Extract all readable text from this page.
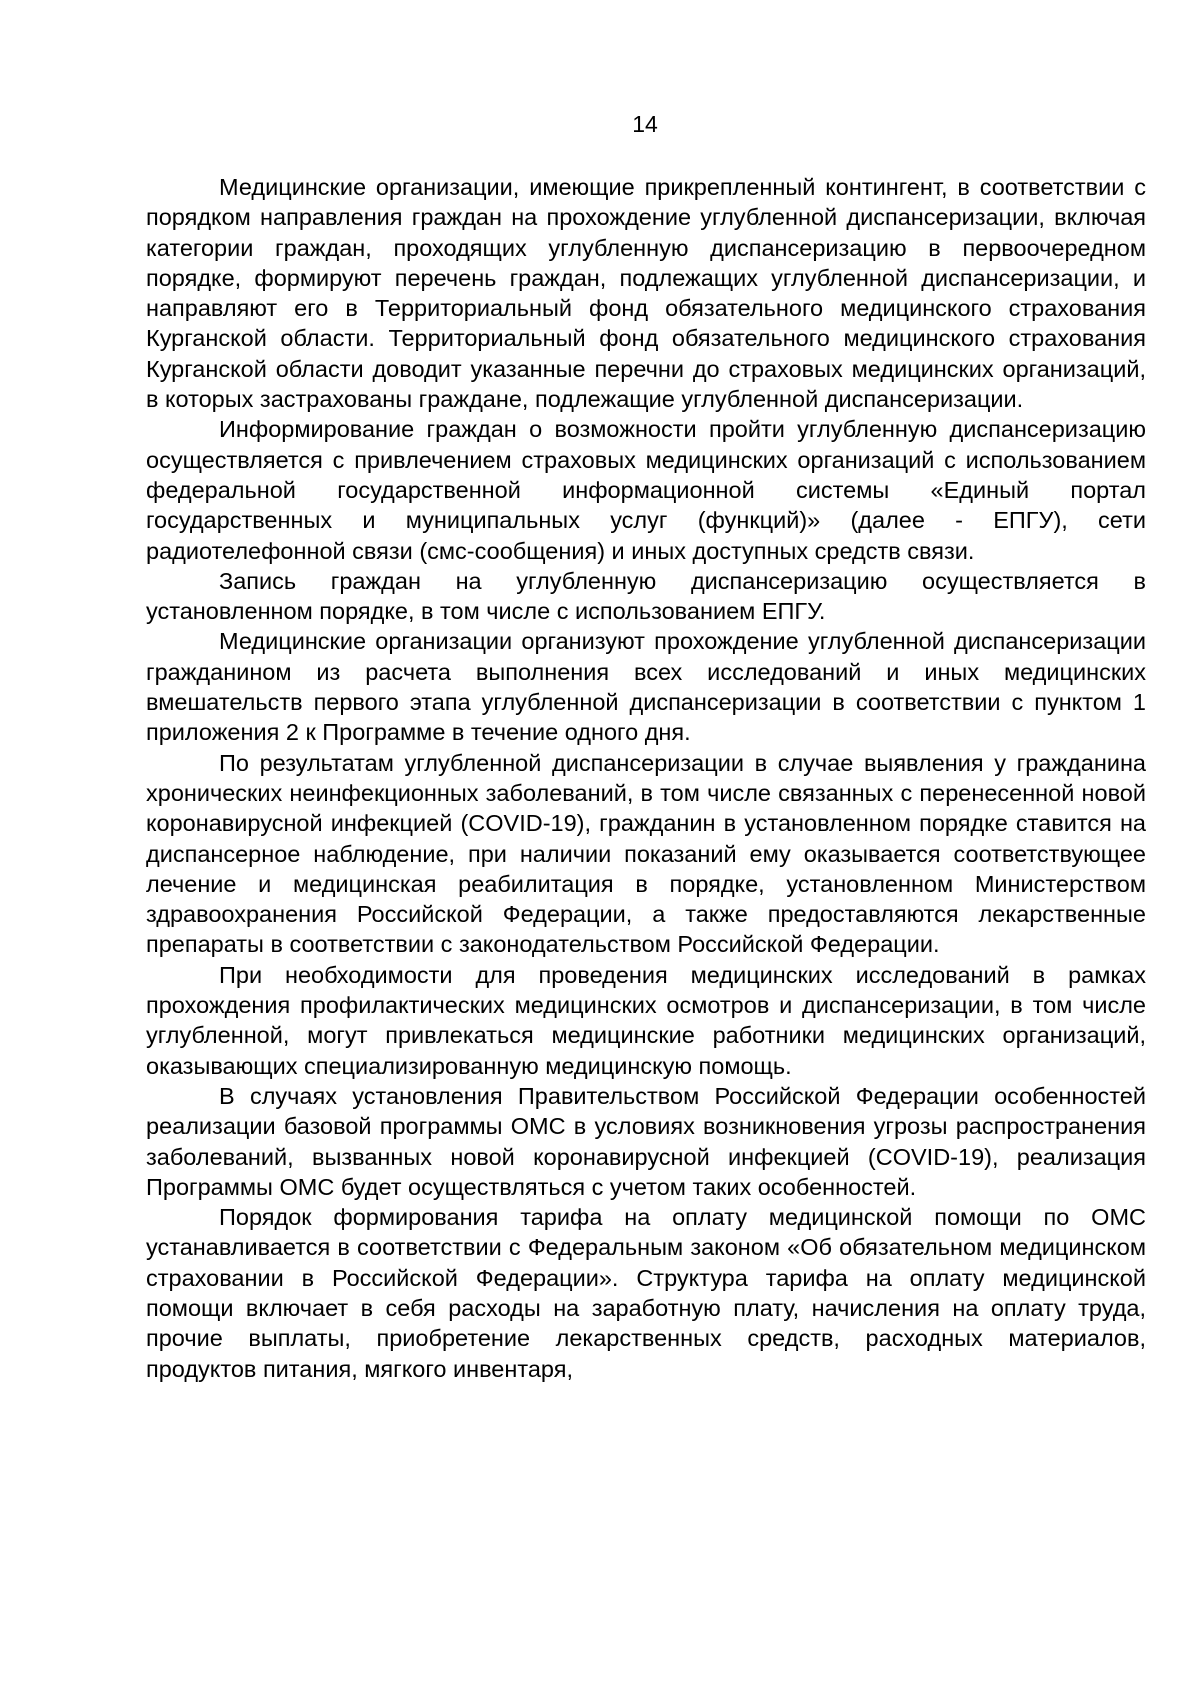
14

Медицинские организации, имеющие прикрепленный контингент, в соответствии с порядком направления граждан на прохождение углубленной диспансеризации, включая категории граждан, проходящих углубленную диспансеризацию в первоочередном порядке, формируют перечень граждан, подлежащих углубленной диспансеризации, и направляют его в Территориальный фонд обязательного медицинского страхования Курганской области. Территориальный фонд обязательного медицинского страхования Курганской области доводит указанные перечни до страховых медицинских организаций, в которых застрахованы граждане, подлежащие углубленной диспансеризации.

Информирование граждан о возможности пройти углубленную диспансеризацию осуществляется с привлечением страховых медицинских организаций с использованием федеральной государственной информационной системы «Единый портал государственных и муниципальных услуг (функций)» (далее - ЕПГУ), сети радиотелефонной связи (смс-сообщения) и иных доступных средств связи.

Запись граждан на углубленную диспансеризацию осуществляется в установленном порядке, в том числе с использованием ЕПГУ.

Медицинские организации организуют прохождение углубленной диспансеризации гражданином из расчета выполнения всех исследований и иных медицинских вмешательств первого этапа углубленной диспансеризации в соответствии с пунктом 1 приложения 2 к Программе в течение одного дня.

По результатам углубленной диспансеризации в случае выявления у гражданина хронических неинфекционных заболеваний, в том числе связанных с перенесенной новой коронавирусной инфекцией (COVID-19), гражданин в установленном порядке ставится на диспансерное наблюдение, при наличии показаний ему оказывается соответствующее лечение и медицинская реабилитация в порядке, установленном Министерством здравоохранения Российской Федерации, а также предоставляются лекарственные препараты в соответствии с законодательством Российской Федерации.

При необходимости для проведения медицинских исследований в рамках прохождения профилактических медицинских осмотров и диспансеризации, в том числе углубленной, могут привлекаться медицинские работники медицинских организаций, оказывающих специализированную медицинскую помощь.

В случаях установления Правительством Российской Федерации особенностей реализации базовой программы ОМС в условиях возникновения угрозы распространения заболеваний, вызванных новой коронавирусной инфекцией (COVID-19), реализация Программы ОМС будет осуществляться с учетом таких особенностей.

Порядок формирования тарифа на оплату медицинской помощи по ОМС устанавливается в соответствии с Федеральным законом «Об обязательном медицинском страховании в Российской Федерации». Структура тарифа на оплату медицинской помощи включает в себя расходы на заработную плату, начисления на оплату труда, прочие выплаты, приобретение лекарственных средств, расходных материалов, продуктов питания, мягкого инвентаря,
